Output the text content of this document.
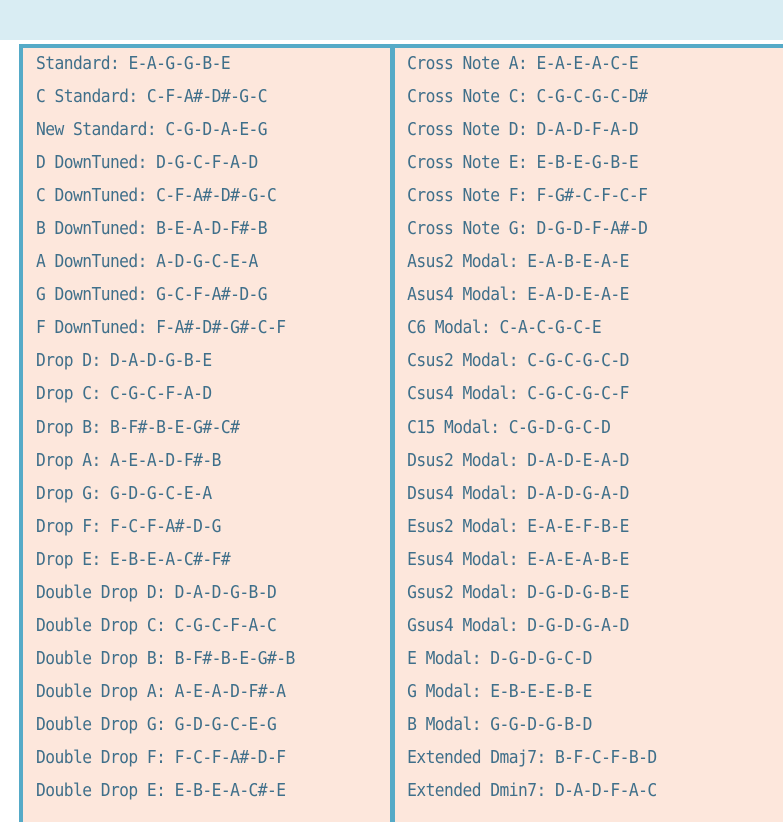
Standard : E-A-G-G-B-E
C Standard : C-F-A#-D#-G-C
New Standard : C-G-D-A-E-G
D DownTuned : D-G-C-F-A-D
C DownTuned : C-F-A#-D#-G-C
B DownTuned : B-E-A-D-F#-B
A DownTuned : A-D-G-C-E-A
G DownTuned : G-C-F-A#-D-G
F DownTuned : F-A#-D#-G#-C-F
Drop D : D-A-D-G-B-E
Drop C : C-G-C-F-A-D
Drop B : B-F#-B-E-G#-C#
Drop A : A-E-A-D-F#-B
Drop G : G-D-G-C-E-A
Drop F : F-C-F-A#-D-G
Drop E : E-B-E-A-C#-F#
Double Drop D : D-A-D-G-B-D
Double Drop C : C-G-C-F-A-C
Double Drop B : B-F#-B-E-G#-B
Double Drop A : A-E-A-D-F#-A
Double Drop G : G-D-G-C-E-G
Double Drop F : F-C-F-A#-D-F
Double Drop E : E-B-E-A-C#-E
Cross Note A : E-A-E-A-C-E
Cross Note C : C-G-C-G-C-D#
Cross Note D : D-A-D-F-A-D
Cross Note E : E-B-E-G-B-E
Cross Note F : F-G#-C-F-C-F
Cross Note G : D-G-D-F-A#-D
Asus2 Modal : E-A-B-E-A-E
Asus4 Modal : E-A-D-E-A-E
C6 Modal : C-A-C-G-C-E
Csus2 Modal : C-G-C-G-C-D
Csus4 Modal : C-G-C-G-C-F
C15 Modal : C-G-D-G-C-D
Dsus2 Modal : D-A-D-E-A-D
Dsus4 Modal : D-A-D-G-A-D
Esus2 Modal : E-A-E-F-B-E
Esus4 Modal : E-A-E-A-B-E
Gsus2 Modal : D-G-D-G-B-E
Gsus4 Modal : D-G-D-G-A-D
E Modal : D-G-D-G-C-D
G Modal : E-B-E-E-B-E
B Modal : G-G-D-G-B-D
Extended Dmaj7 : B-F-C-F-B-D
Extended Dmin7 : D-A-D-F-A-C
